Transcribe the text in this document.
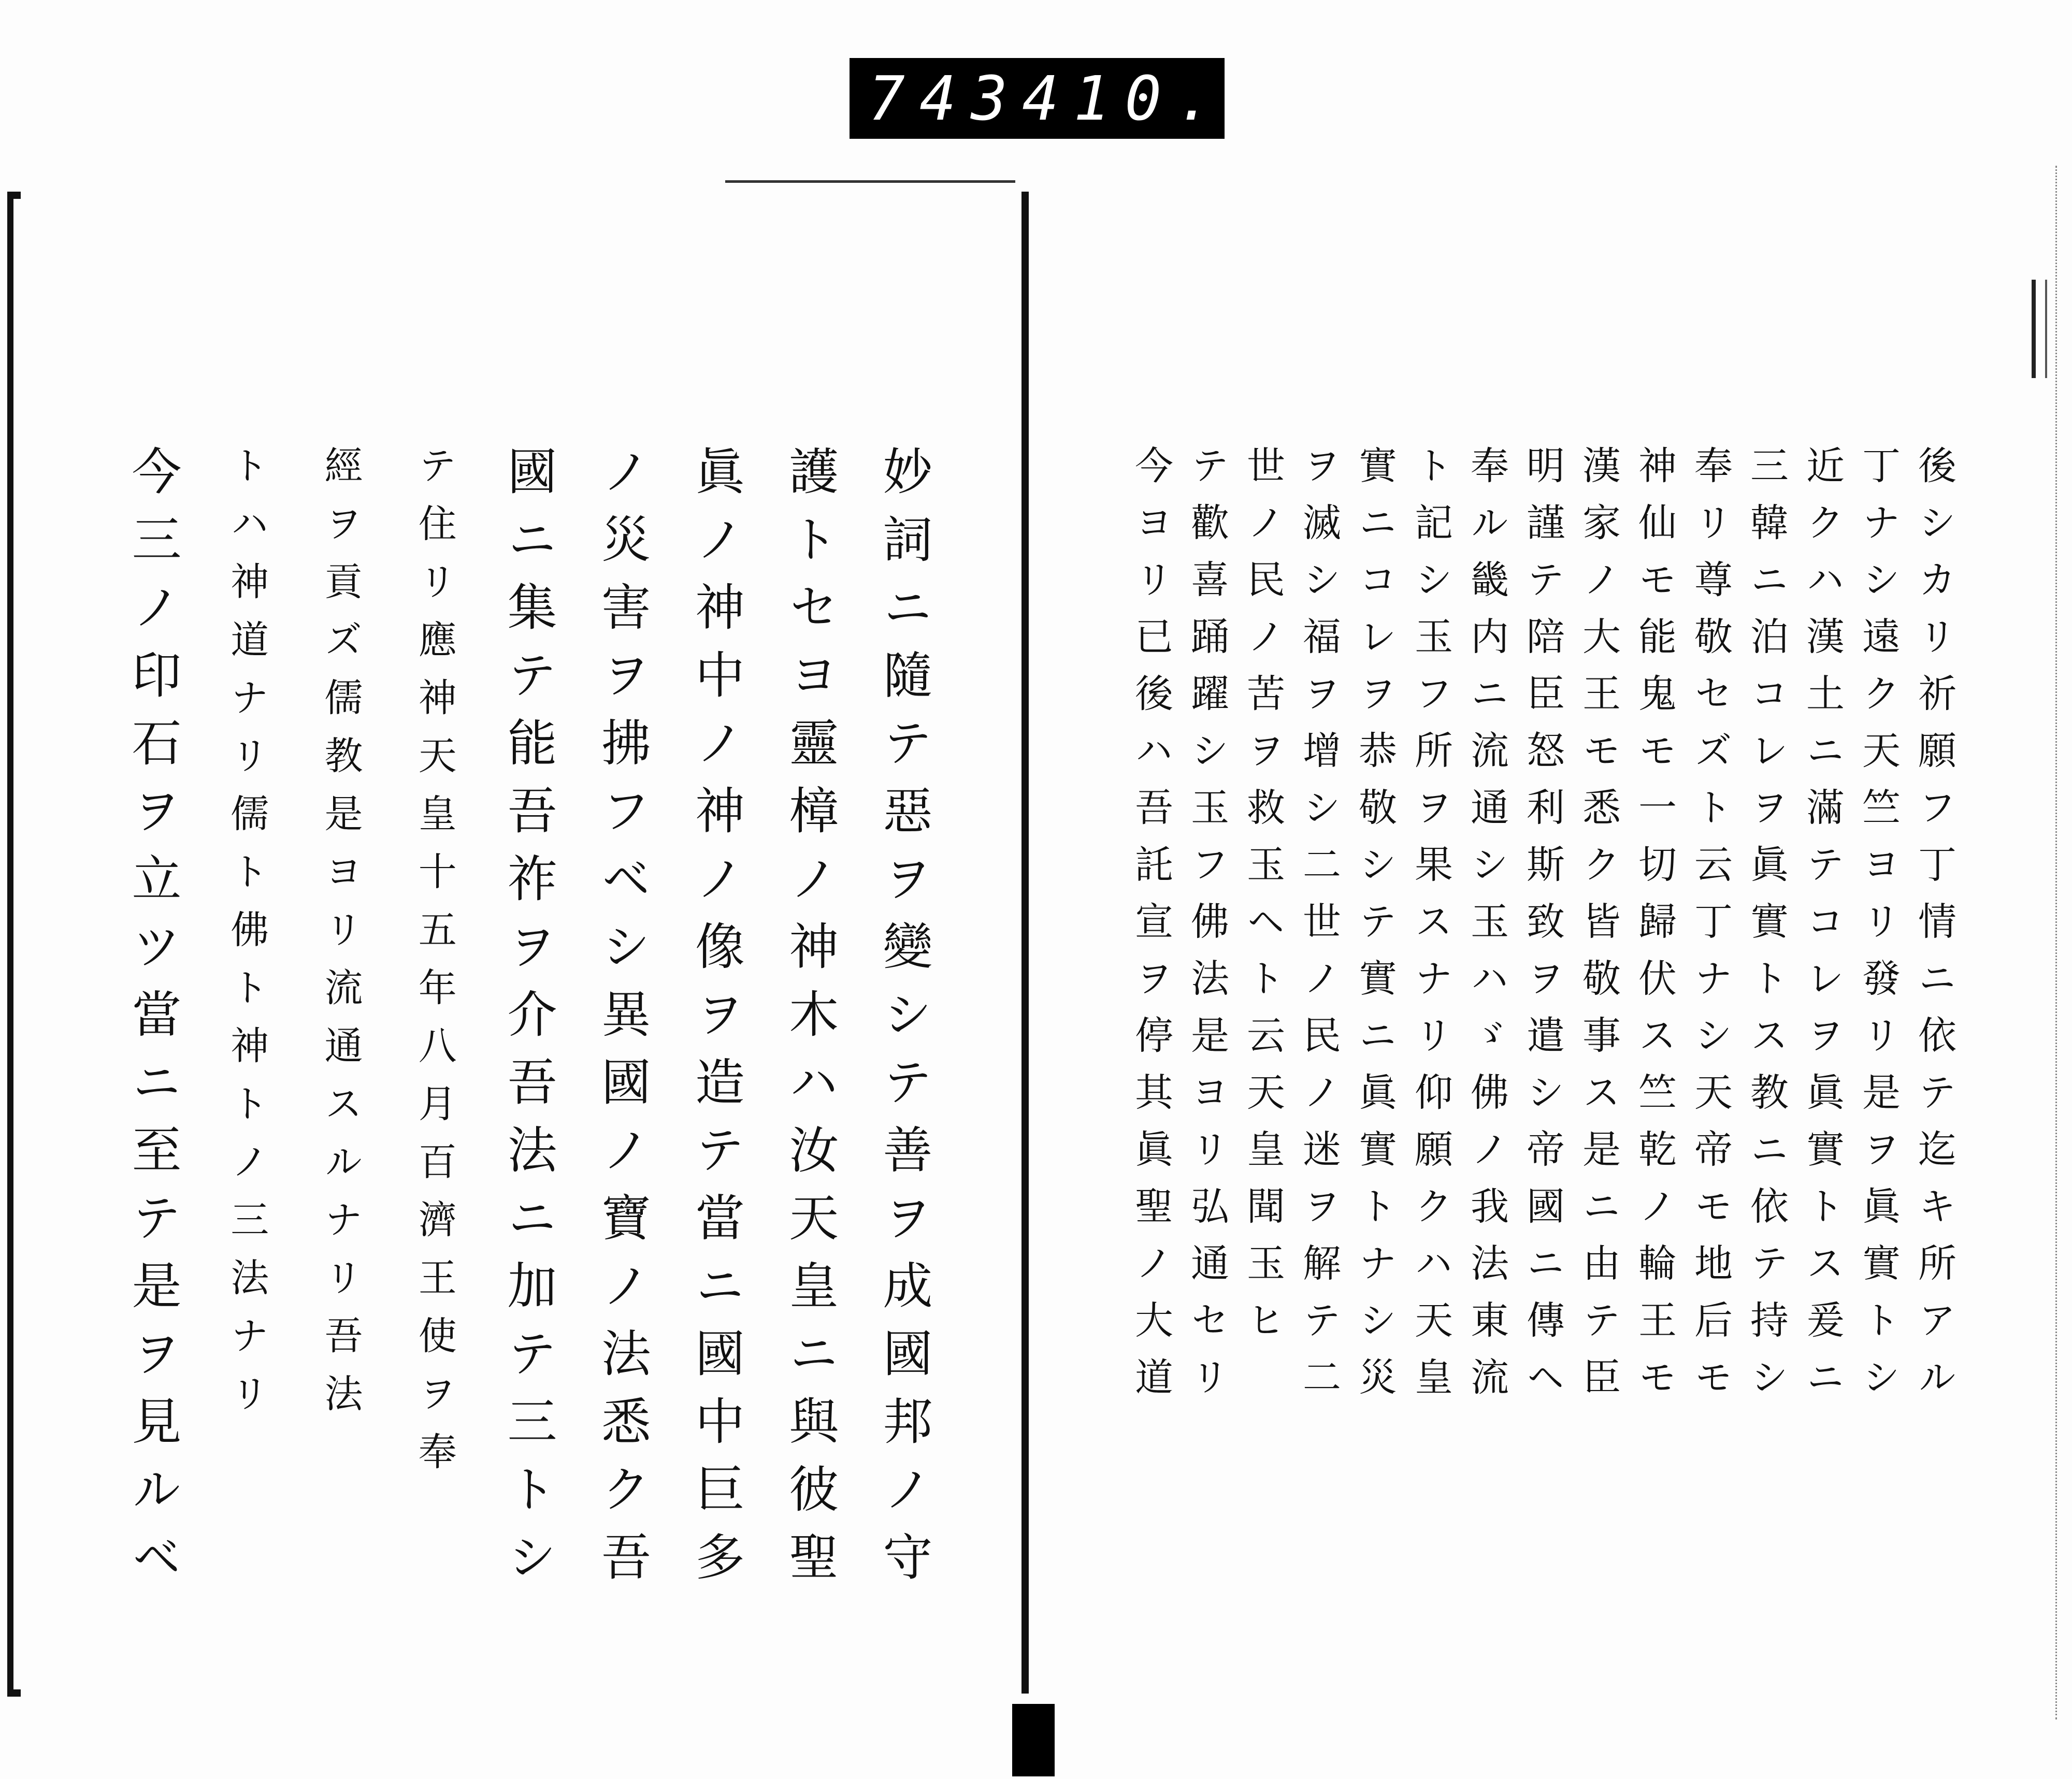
743 410.
妙詞ニ隨テ惡ヲ變シテ善ヲ成國邦ノ守
護トセヨ靈樟ノ神木ハ汝天皇ニ與彼聖
眞ノ神中ノ神ノ像ヲ造テ當ニ國中巨多
ノ災害ヲ拂フベシ異國ノ寶ノ法悉ク吾
國ニ集テ能吾祚ヲ介吾法ニ加テ三トシ
テ住リ應神天皇十五年八月百濟王使ヲ奉
經ヲ貢ズ儒教是ヨリ流通スルナリ吾法
トハ神道ナリ儒ト佛ト神トノ三法ナリ
今三ノ印石ヲ立ツ當ニ至テ是ヲ見ルベ	後シカリ祈願フ丁情ニ依テ迄キ所アル
丁ナシ遠ク天竺ヨリ發リ是ヲ眞實トシ
近クハ漢土ニ滿テコレヲ眞實トス爰ニ
三韓ニ泊コレヲ眞實トス教ニ依テ持シ
奉リ尊敬セズト云丁ナシ天帝モ地后モ
神仙モ能鬼モ一切歸伏ス竺乾ノ輪王モ
漢家ノ大王モ悉ク皆敬事ス是ニ由テ臣
明謹テ陪臣怒利斯致ヲ遣シ帝國ニ傳ヘ
奉ル畿内ニ流通シ玉ハゞ佛ノ我法東流
ト記シ玉フ所ヲ果スナリ仰願クハ天皇
實ニコレヲ恭敬シテ實ニ眞實トナシ災
ヲ滅シ福ヲ增シ二世ノ民ノ迷ヲ解テ二
世ノ民ノ苦ヲ救玉ヘト云天皇聞玉ヒ
テ歡喜踊躍シ玉フ佛法是ヨリ弘通セリ
今ヨリ已後ハ吾託宣ヲ停其眞聖ノ大道
